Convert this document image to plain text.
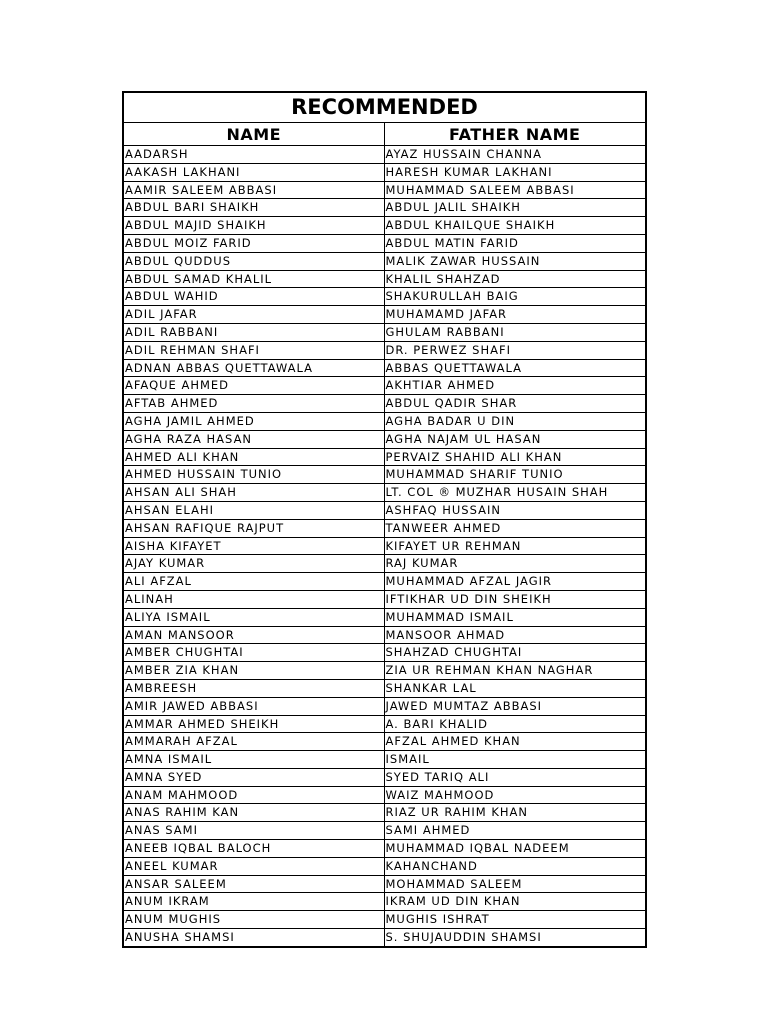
RECOMMENDED
NAME	FATHER NAME
AADARSH	AYAZ HUSSAIN CHANNA
AAKASH LAKHANI	HARESH KUMAR LAKHANI
AAMIR SALEEM ABBASI	MUHAMMAD SALEEM ABBASI
ABDUL BARI SHAIKH	ABDUL JALIL SHAIKH
ABDUL MAJID SHAIKH	ABDUL KHAILQUE SHAIKH
ABDUL MOIZ FARID	ABDUL MATIN FARID
ABDUL QUDDUS	MALIK ZAWAR HUSSAIN
ABDUL SAMAD KHALIL	KHALIL SHAHZAD
ABDUL WAHID	SHAKURULLAH BAIG
ADIL JAFAR	MUHAMAMD JAFAR
ADIL RABBANI	GHULAM RABBANI
ADIL REHMAN SHAFI	DR. PERWEZ SHAFI
ADNAN ABBAS QUETTAWALA	ABBAS QUETTAWALA
AFAQUE AHMED	AKHTIAR AHMED
AFTAB AHMED	ABDUL QADIR SHAR
AGHA JAMIL AHMED	AGHA BADAR U DIN
AGHA RAZA HASAN	AGHA NAJAM UL HASAN
AHMED ALI KHAN	PERVAIZ SHAHID ALI KHAN
AHMED HUSSAIN TUNIO	MUHAMMAD SHARIF TUNIO
AHSAN ALI SHAH	LT. COL ® MUZHAR HUSAIN SHAH
AHSAN ELAHI	ASHFAQ HUSSAIN
AHSAN RAFIQUE RAJPUT	TANWEER AHMED
AISHA KIFAYET	KIFAYET UR REHMAN
AJAY KUMAR	RAJ KUMAR
ALI AFZAL	MUHAMMAD AFZAL JAGIR
ALINAH	IFTIKHAR UD DIN SHEIKH
ALIYA ISMAIL	MUHAMMAD ISMAIL
AMAN MANSOOR	MANSOOR AHMAD
AMBER CHUGHTAI	SHAHZAD CHUGHTAI
AMBER ZIA KHAN	ZIA UR REHMAN KHAN NAGHAR
AMBREESH	SHANKAR LAL
AMIR JAWED ABBASI	JAWED MUMTAZ ABBASI
AMMAR AHMED SHEIKH	A. BARI KHALID
AMMARAH AFZAL	AFZAL AHMED KHAN
AMNA ISMAIL	ISMAIL
AMNA SYED	SYED TARIQ ALI
ANAM MAHMOOD	WAIZ MAHMOOD
ANAS RAHIM KAN	RIAZ UR RAHIM KHAN
ANAS SAMI	SAMI AHMED
ANEEB IQBAL BALOCH	MUHAMMAD IQBAL NADEEM
ANEEL KUMAR	KAHANCHAND
ANSAR SALEEM	MOHAMMAD SALEEM
ANUM IKRAM	IKRAM UD DIN KHAN
ANUM MUGHIS	MUGHIS ISHRAT
ANUSHA SHAMSI	S. SHUJAUDDIN SHAMSI
